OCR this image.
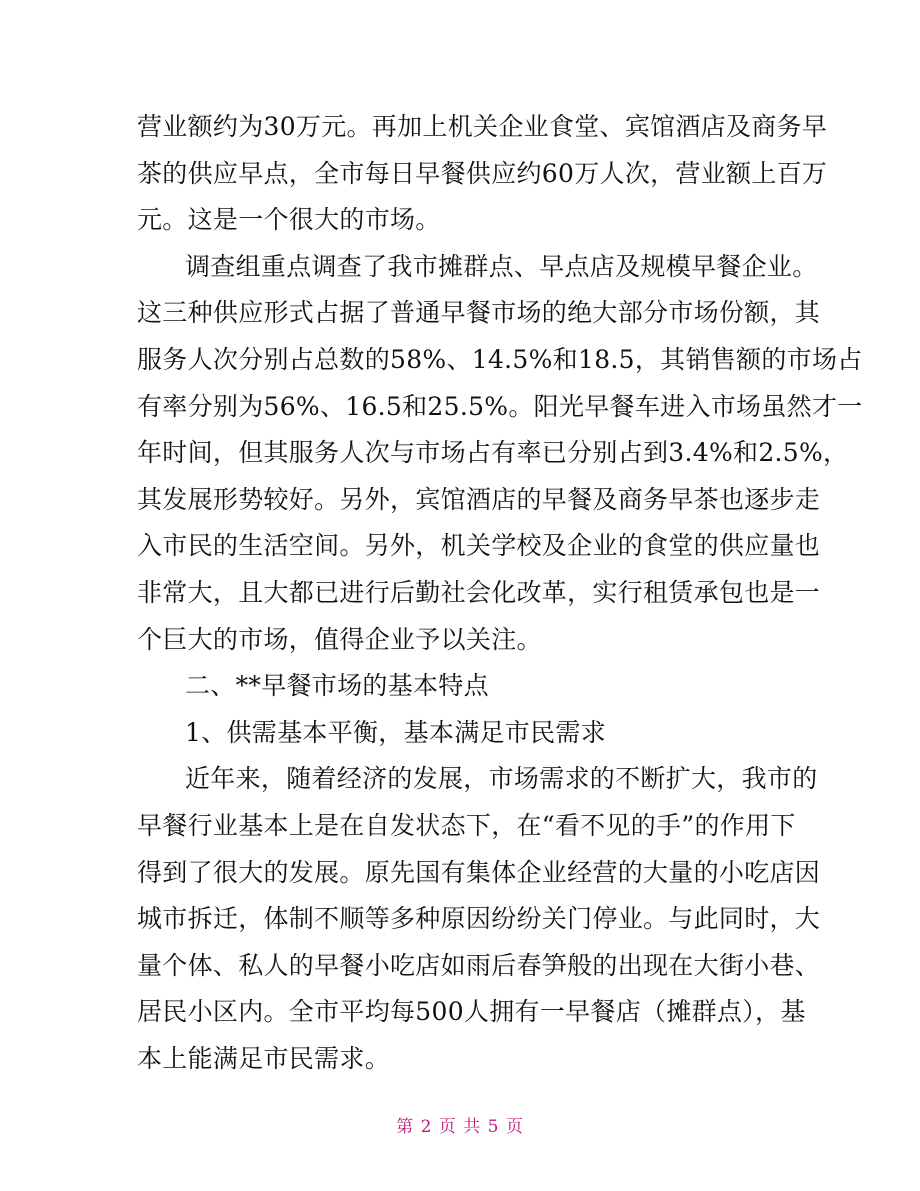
营业额约为30万元。再加上机关企业食堂、宾馆酒店及商务早
茶的供应早点，全市每日早餐供应约60万人次，营业额上百万
元。这是一个很大的市场。
调查组重点调查了我市摊群点、早点店及规模早餐企业。
这三种供应形式占据了普通早餐市场的绝大部分市场份额，其
服务人次分别占总数的58%、14.5%和18.5，其销售额的市场占
有率分别为56%、16.5和25.5%。阳光早餐车进入市场虽然才一
年时间，但其服务人次与市场占有率已分别占到3.4%和2.5%，
其发展形势较好。另外，宾馆酒店的早餐及商务早茶也逐步走
入市民的生活空间。另外，机关学校及企业的食堂的供应量也
非常大，且大都已进行后勤社会化改革，实行租赁承包也是一
个巨大的市场，值得企业予以关注。
二、**早餐市场的基本特点
1、供需基本平衡，基本满足市民需求
近年来，随着经济的发展，市场需求的不断扩大，我市的
早餐行业基本上是在自发状态下，在“看不见的手”的作用下
得到了很大的发展。原先国有集体企业经营的大量的小吃店因
城市拆迁，体制不顺等多种原因纷纷关门停业。与此同时，大
量个体、私人的早餐小吃店如雨后春笋般的出现在大街小巷、
居民小区内。全市平均每500人拥有一早餐店（摊群点），基
本上能满足市民需求。
第 2 页 共 5 页
